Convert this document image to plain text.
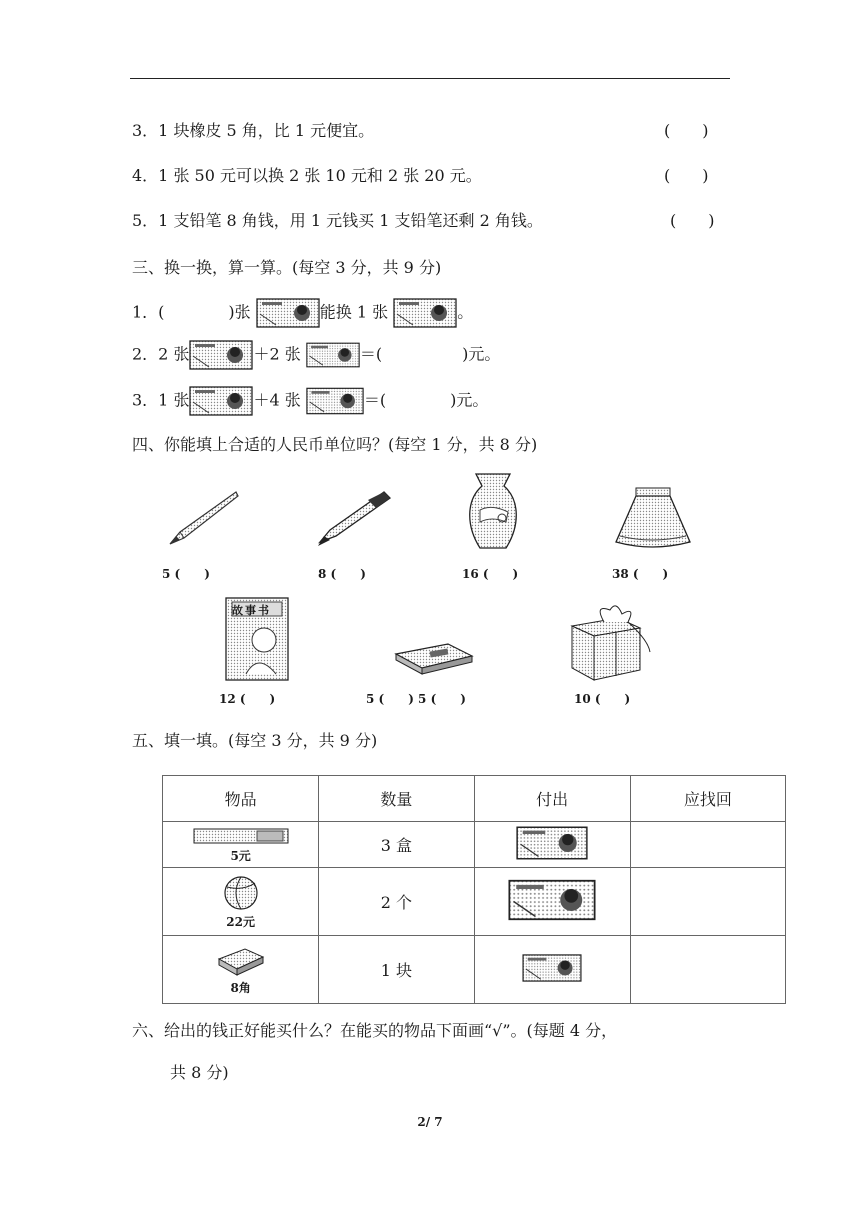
3．1 块橡皮 5 角，比 1 元便宜。	(　　)
4．1 张 50 元可以换 2 张 10 元和 2 张 20 元。	(　　)
5．1 支铅笔 8 角钱，用 1 元钱买 1 支铅笔还剩 2 角钱。	(　　)
三、换一换，算一算。(每空 3 分，共 9 分)
1．(　　　　)张	能换 1 张	。
2．2 张	＋2 张	＝(　　　　　)元。
3．1 张	＋4 张	＝(　　　　)元。
四、你能填上合适的人民币单位吗？(每空 1 分，共 8 分)
5 (　　)	8 (　　)	16 (　　)	38 (　　)
故事书
12 (　　)	5 (　　) 5 (　　)	10 (　　)
五、填一填。(每空 3 分，共 9 分)
物品	数量	付出	应找回

5元	3 盒		

22元	2 个		

8角	1 块		
六、给出的钱正好能买什么？在能买的物品下面画“√”。(每题 4 分，
共 8 分)
2/ 7
